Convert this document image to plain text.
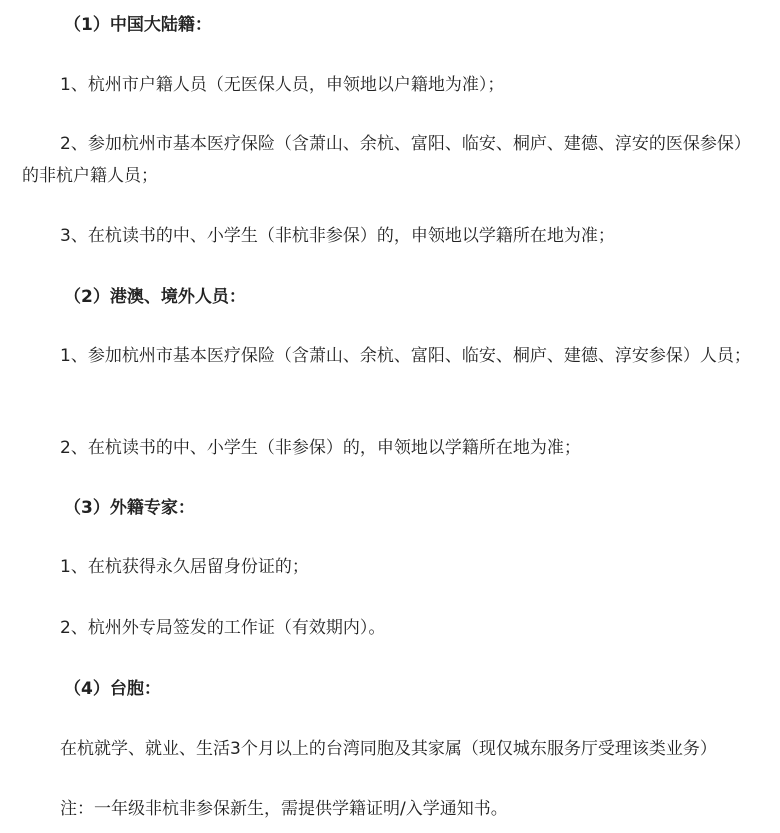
（1）中国大陆籍：

1、杭州市户籍人员（无医保人员，申领地以户籍地为准）；

2、参加杭州市基本医疗保险（含萧山、余杭、富阳、临安、桐庐、建德、淳安的医保参保）的非杭户籍人员；

3、在杭读书的中、小学生（非杭非参保）的，申领地以学籍所在地为准；

（2）港澳、境外人员：

1、参加杭州市基本医疗保险（含萧山、余杭、富阳、临安、桐庐、建德、淳安参保）人员；

2、在杭读书的中、小学生（非参保）的，申领地以学籍所在地为准；

（3）外籍专家：

1、在杭获得永久居留身份证的；

2、杭州外专局签发的工作证（有效期内）。

（4）台胞：

在杭就学、就业、生活3个月以上的台湾同胞及其家属（现仅城东服务厅受理该类业务）

注：一年级非杭非参保新生，需提供学籍证明/入学通知书。
